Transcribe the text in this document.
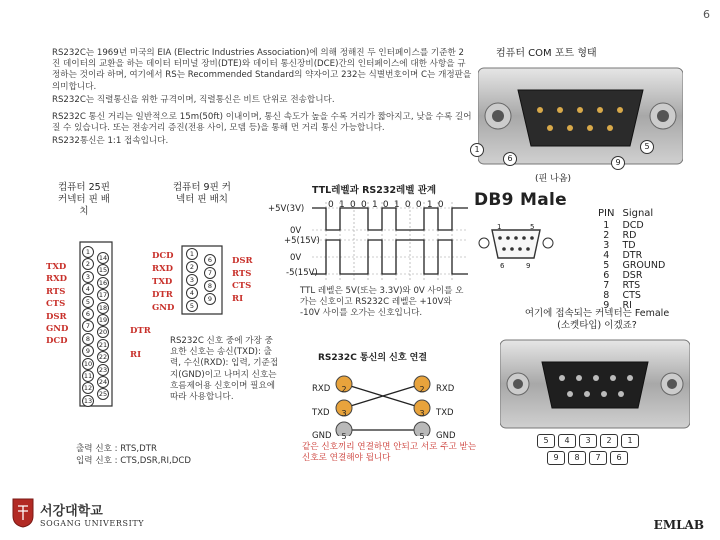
6

RS232C는 1969년 미국의 EIA (Electric Industries Association)에 의해 정해진 두 인터페이스를 기준한 2진 데이터의 교환을 하는 데이터 터미널 장비(DTE)와 데이터 통신장비(DCE)간의 인터페이스에 대한 사항을 규정하는 것이라 하며, 여기에서 RS는 Recommended Standard의 약자이고 232는 식별번호이며 C는 개정판을 의미합니다.

RS232C는 직렬통신을 위한 규격이며, 직렬통신은 비트 단위로 전송합니다.

RS232C 통신 거리는 일반적으로 15m(50ft) 이내이며, 통신 속도가 높을 수록 거리가 짧아지고, 낮을 수록 길어질 수 있습니다. 또는 전송거리 증진(전용 사이, 모뎀 등)을 통해 먼 거리 통신 가능합니다.

RS232통신은 1:1 접속입니다.

컴퓨터 COM 포트 형태
1	5
6	9
(핀 나옴)
DB9 Male
1	5
6	9
PIN	Signal
1	DCD
2	RD
3	TD
4	DTR
5	GROUND
6	DSR
7	RTS
8	CTS
9	RI
여기에 접속되는 커넥터는 Female (소켓타입) 이겠죠?
5	4	3	2	1
9	8	7	6
컴퓨터 25핀 커넥터 핀 배치
1
2
3
4
5
6
7
8
9
10
11
12
13
14
15
16
17
18
19
20
21
22
23
24
25
TXD
RXD
RTS
CTS
DSR
GND
DCD
DTR
RI
컴퓨터 9핀 커넥터 핀 배치
1
2
3
4
5
6
7
8
9
DCD
RXD
TXD
DTR
GND
DSR
RTS
CTS
RI
TTL레벨과 RS232레벨 관계
0 1 0 0 1 0 1 0 0 1 0
+5V(3V)
0V
+5(15V)
0V
-5(15V)
TTL 레벨은 5V(또는 3.3V)와 0V 사이를 오가는 신호이고 RS232C 레벨은 +10V와 -10V 사이를 오가는 신호입니다.
RS232C 신호 중에 가장 중요한 신호는 송신(TXD): 출력, 수신(RXD): 입력, 기준접지(GND)이고 나머지 신호는 흐름제어용 신호이며 필요에 따라 사용합니다.
출력 신호 : RTS,DTR
입력 신호 : CTS,DSR,RI,DCD
RS232C 통신의 신호 연결
2
3
5
2
3
5
RXD
TXD
GND
RXD
TXD
GND
같은 신호끼리 연결하면 안되고 서로 주고 받는 신호로 연결해야 됩니다
서강대학교
SOGANG UNIVERSITY	EMLAB
